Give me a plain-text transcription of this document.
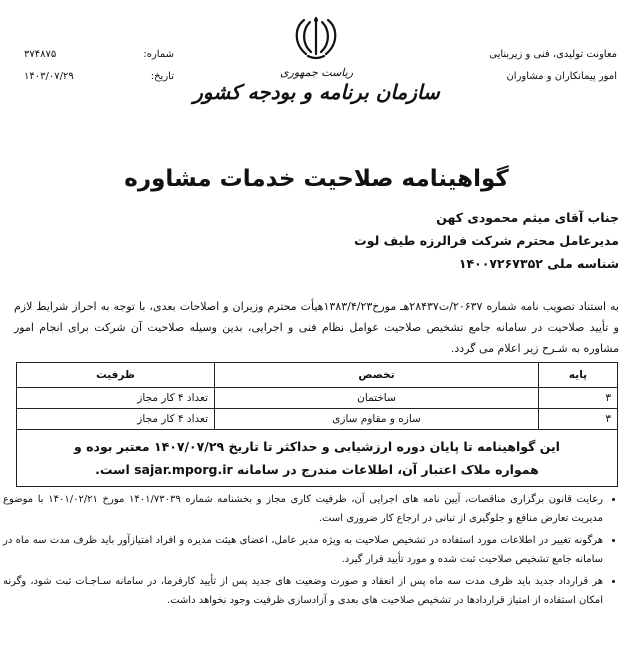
معاونت تولیدی، فنی و زیربنایی
امور پیمانکاران و مشاوران
ریاست جمهوری
سازمان برنامه و بودجه کشور
شماره:
۳۷۴۸۷۵
تاریخ:
۱۴۰۳/۰۷/۲۹
گواهینامه صلاحیت خدمات مشاوره
جناب آقای میثم محمودی کهن
مدیرعامل محترم شرکت فرالرزه طیف لوت
شناسه ملی ۱۴۰۰۷۲۶۷۳۵۲
به استناد تصویب نامه شماره ۲۰۶۳۷/ت۲۸۴۳۷هـ مورخ۱۳۸۳/۴/۲۳هیأت محترم وزیران و اصلاحات بعدی، با توجه به احراز شرایط لازم و تأیید صلاحیت در سامانه جامع تشخیص صلاحیت عوامل نظام فنی و اجرایی، بدین وسیله صلاحیت آن شرکت برای انجام امور مشاوره به شـرح زیر اعلام می گردد.
پایه	تخصص	ظرفیت
۳	ساختمان	تعداد ۴ کار مجاز
۳	سازه و مقاوم سازی	تعداد ۴ کار مجاز

این گواهینامه تا پایان دوره ارزشیابی و حداکثر تا تاریخ ۱۴۰۷/۰۷/۲۹ معتبر بوده و
همواره ملاک اعتبار آن، اطلاعات مندرج در سامانه sajar.mporg.ir است.		
• رعایت قانون برگزاری مناقصات، آیین نامه های اجرایی آن، ظرفیت کاری مجاز و بخشنامه شماره ۱۴۰۱/۷۳۰۳۹ مورخ ۱۴۰۱/۰۲/۲۱ با موضوع مدیریت تعارض منافع و جلوگیری از تبانی در ارجاع کار ضروری است.
• هرگونه تغییر در اطلاعات مورد استفاده در تشخیص صلاحیت به ویژه مدیر عامل، اعضای هیئت مدیره و افراد امتیازآور باید ظرف مدت سه ماه در سامانه جامع تشخیص صلاحیت ثبت شده و مورد تأیید قرار گیرد.
• هر قرارداد جدید باید ظرف مدت سه ماه پس از انعقاد و صورت وضعیت های جدید پس از تأیید کارفرما، در سامانه سـاجـات ثبت شود، وگرنه امکان استفاده از امتیاز قراردادها در تشخیص صلاحیت های بعدی و آزادسازی ظرفیت وجود نخواهد داشت.
